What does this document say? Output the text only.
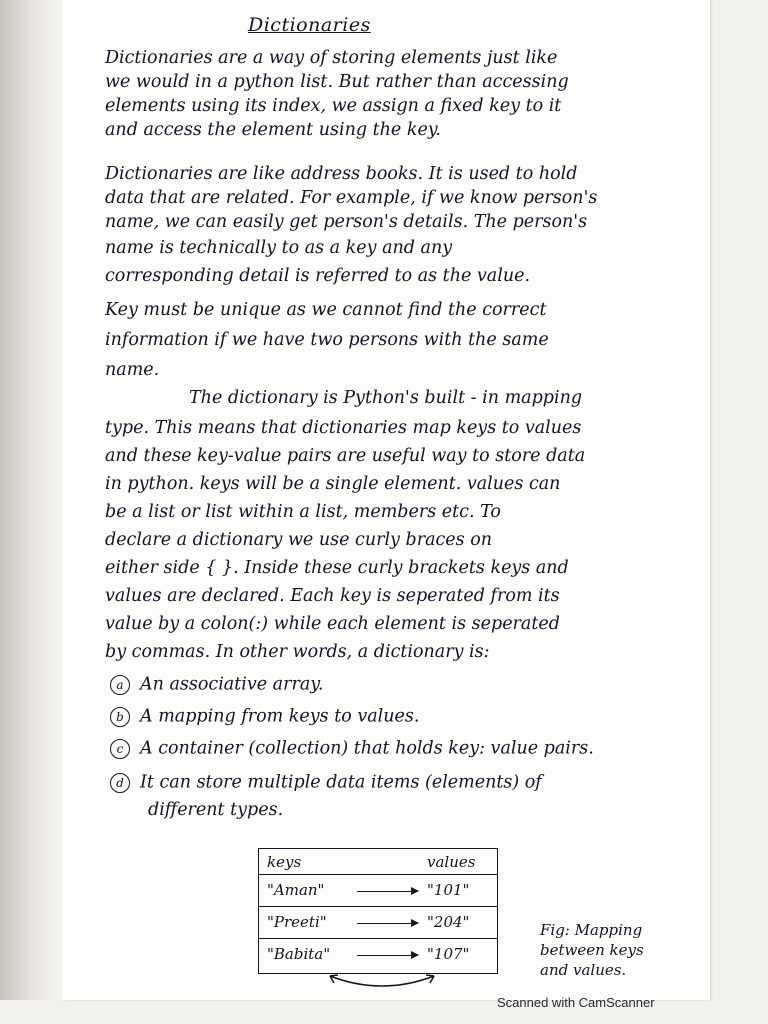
Dictionaries
Dictionaries are a way of storing elements just like
we would in a python list. But rather than accessing
elements using its index, we assign a fixed key to it
and access the element using the key.
Dictionaries are like address books. It is used to hold
data that are related. For example, if we know person's
name, we can easily get person's details. The person's
name is technically to as a key and any
corresponding detail is referred to as the value.
Key must be unique as we cannot find the correct
information if we have two persons with the same
name.
The dictionary is Python's built - in mapping
type. This means that dictionaries map keys to values
and these key-value pairs are useful way to store data
in python. keys will be a single element. values can
be a list or list within a list, members etc. To
declare a dictionary we use curly braces on
either side { }. Inside these curly brackets keys and
values are declared. Each key is seperated from its
value by a colon(:) while each element is seperated
by commas. In other words, a dictionary is:
a An associative array.
b A mapping from keys to values.
c A container (collection) that holds key: value pairs.
d It can store multiple data items (elements) of
different types.
keys	values
"Aman"	"101"
"Preeti"	"204"
"Babita"	"107"
Fig: Mapping
between keys
and values.
Scanned with CamScanner
